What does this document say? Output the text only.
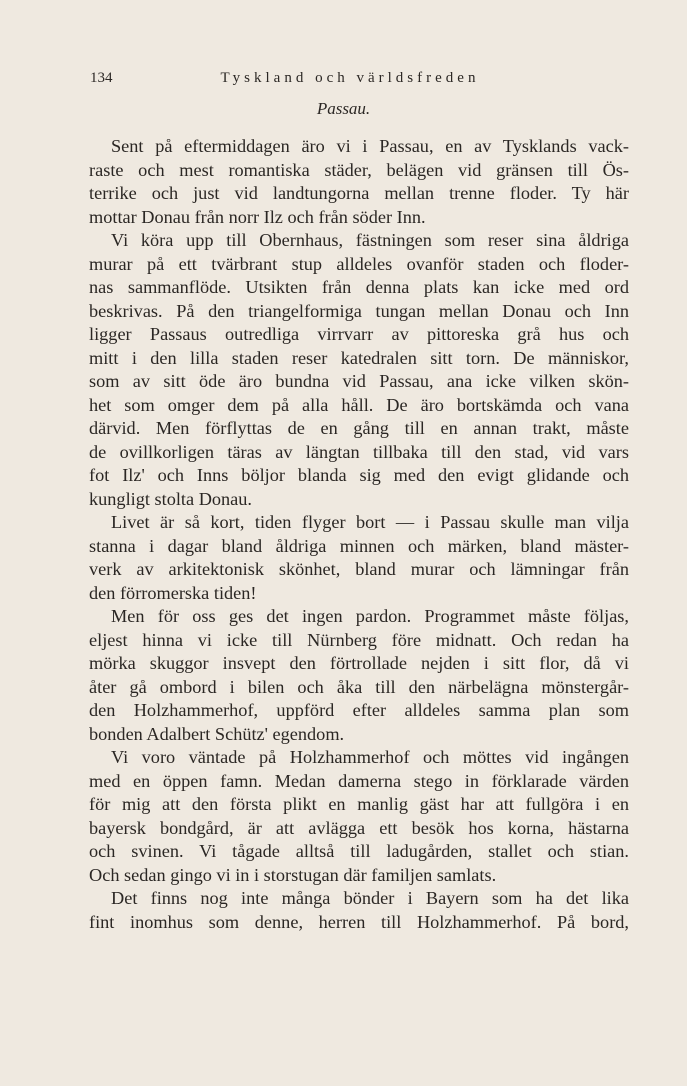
134	Tyskland och världsfreden
Passau.
Sent på eftermiddagen äro vi i Passau, en av Tysklands vack-
raste och mest romantiska städer, belägen vid gränsen till Ös-
terrike och just vid landtungorna mellan trenne floder. Ty här
mottar Donau från norr Ilz och från söder Inn.
Vi köra upp till Obernhaus, fästningen som reser sina åldriga
murar på ett tvärbrant stup alldeles ovanför staden och floder-
nas sammanflöde. Utsikten från denna plats kan icke med ord
beskrivas. På den triangelformiga tungan mellan Donau och Inn
ligger Passaus outredliga virrvarr av pittoreska grå hus och
mitt i den lilla staden reser katedralen sitt torn. De människor,
som av sitt öde äro bundna vid Passau, ana icke vilken skön-
het som omger dem på alla håll. De äro bortskämda och vana
därvid. Men förflyttas de en gång till en annan trakt, måste
de ovillkorligen täras av längtan tillbaka till den stad, vid vars
fot Ilz' och Inns böljor blanda sig med den evigt glidande och
kungligt stolta Donau.
Livet är så kort, tiden flyger bort — i Passau skulle man vilja
stanna i dagar bland åldriga minnen och märken, bland mäster-
verk av arkitektonisk skönhet, bland murar och lämningar från
den förromerska tiden!
Men för oss ges det ingen pardon. Programmet måste följas,
eljest hinna vi icke till Nürnberg före midnatt. Och redan ha
mörka skuggor insvept den förtrollade nejden i sitt flor, då vi
åter gå ombord i bilen och åka till den närbelägna mönstergår-
den Holzhammerhof, uppförd efter alldeles samma plan som
bonden Adalbert Schütz' egendom.
Vi voro väntade på Holzhammerhof och möttes vid ingången
med en öppen famn. Medan damerna stego in förklarade värden
för mig att den första plikt en manlig gäst har att fullgöra i en
bayersk bondgård, är att avlägga ett besök hos korna, hästarna
och svinen. Vi tågade alltså till ladugården, stallet och stian.
Och sedan gingo vi in i storstugan där familjen samlats.
Det finns nog inte många bönder i Bayern som ha det lika
fint inomhus som denne, herren till Holzhammerhof. På bord,
